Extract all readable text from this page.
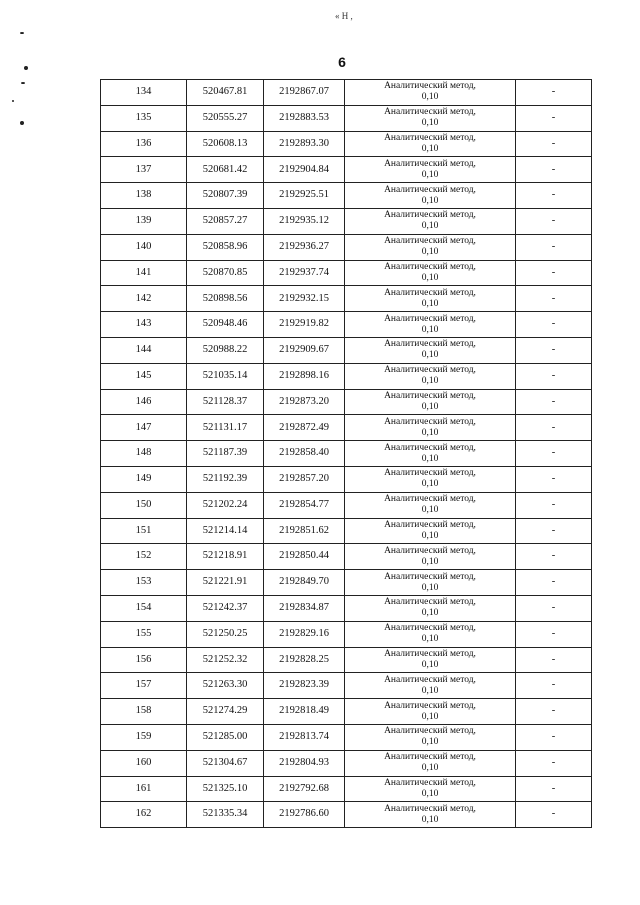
« Н ,
6
134	520467.81	2192867.07	Аналитический метод,
0,10	-
135	520555.27	2192883.53	Аналитический метод,
0,10	-
136	520608.13	2192893.30	Аналитический метод,
0,10	-
137	520681.42	2192904.84	Аналитический метод,
0,10	-
138	520807.39	2192925.51	Аналитический метод,
0,10	-
139	520857.27	2192935.12	Аналитический метод,
0,10	-
140	520858.96	2192936.27	Аналитический метод,
0,10	-
141	520870.85	2192937.74	Аналитический метод,
0,10	-
142	520898.56	2192932.15	Аналитический метод,
0,10	-
143	520948.46	2192919.82	Аналитический метод,
0,10	-
144	520988.22	2192909.67	Аналитический метод,
0,10	-
145	521035.14	2192898.16	Аналитический метод,
0,10	-
146	521128.37	2192873.20	Аналитический метод,
0,10	-
147	521131.17	2192872.49	Аналитический метод,
0,10	-
148	521187.39	2192858.40	Аналитический метод,
0,10	-
149	521192.39	2192857.20	Аналитический метод,
0,10	-
150	521202.24	2192854.77	Аналитический метод,
0,10	-
151	521214.14	2192851.62	Аналитический метод,
0,10	-
152	521218.91	2192850.44	Аналитический метод,
0,10	-
153	521221.91	2192849.70	Аналитический метод,
0,10	-
154	521242.37	2192834.87	Аналитический метод,
0,10	-
155	521250.25	2192829.16	Аналитический метод,
0,10	-
156	521252.32	2192828.25	Аналитический метод,
0,10	-
157	521263.30	2192823.39	Аналитический метод,
0,10	-
158	521274.29	2192818.49	Аналитический метод,
0,10	-
159	521285.00	2192813.74	Аналитический метод,
0,10	-
160	521304.67	2192804.93	Аналитический метод,
0,10	-
161	521325.10	2192792.68	Аналитический метод,
0,10	-
162	521335.34	2192786.60	Аналитический метод,
0,10	-
